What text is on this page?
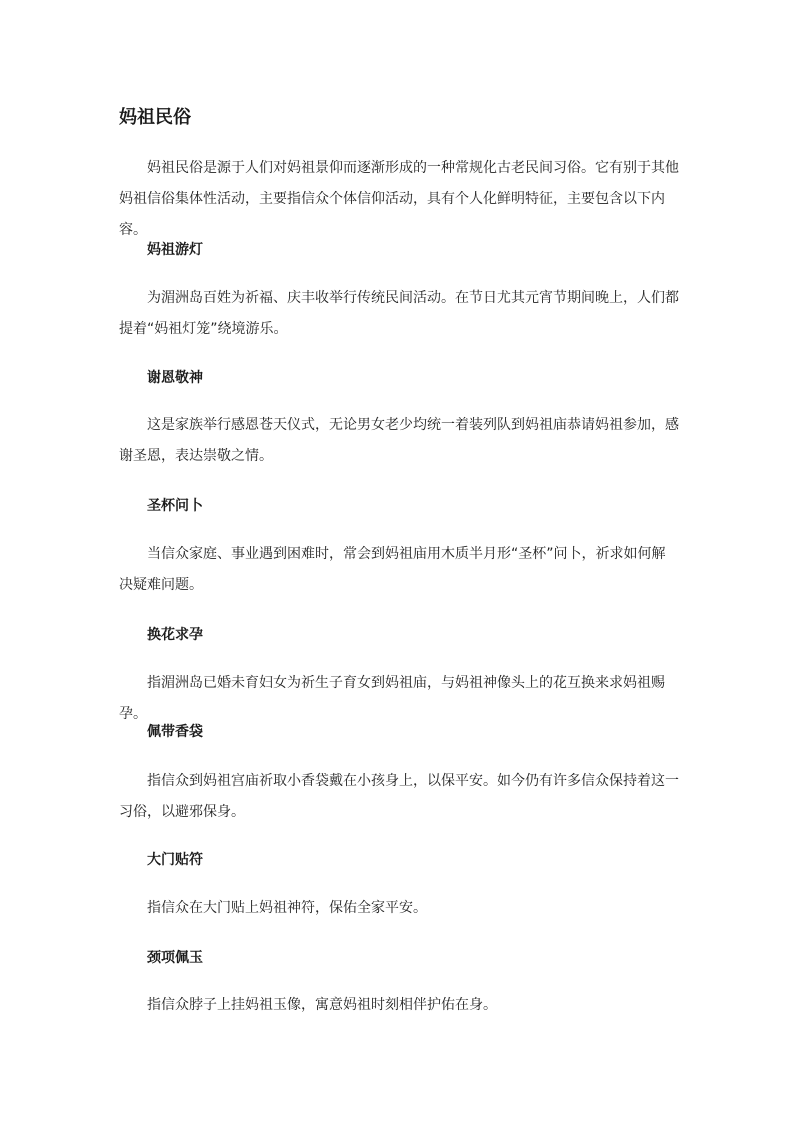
妈祖民俗

妈祖民俗是源于人们对妈祖景仰而逐渐形成的一种常规化古老民间习俗。它有别于其他妈祖信俗集体性活动，主要指信众个体信仰活动，具有个人化鲜明特征，主要包含以下内容。

妈祖游灯

为湄洲岛百姓为祈福、庆丰收举行传统民间活动。在节日尤其元宵节期间晚上，人们都提着“妈祖灯笼”绕境游乐。

谢恩敬神

这是家族举行感恩苍天仪式，无论男女老少均统一着装列队到妈祖庙恭请妈祖参加，感谢圣恩，表达崇敬之情。

圣杯问卜

当信众家庭、事业遇到困难时，常会到妈祖庙用木质半月形“圣杯”问卜，祈求如何解决疑难问题。

换花求孕

指湄洲岛已婚未育妇女为祈生子育女到妈祖庙，与妈祖神像头上的花互换来求妈祖赐孕。

佩带香袋

指信众到妈祖宫庙祈取小香袋戴在小孩身上，以保平安。如今仍有许多信众保持着这一习俗，以避邪保身。

大门贴符

指信众在大门贴上妈祖神符，保佑全家平安。

颈项佩玉

指信众脖子上挂妈祖玉像，寓意妈祖时刻相伴护佑在身。
